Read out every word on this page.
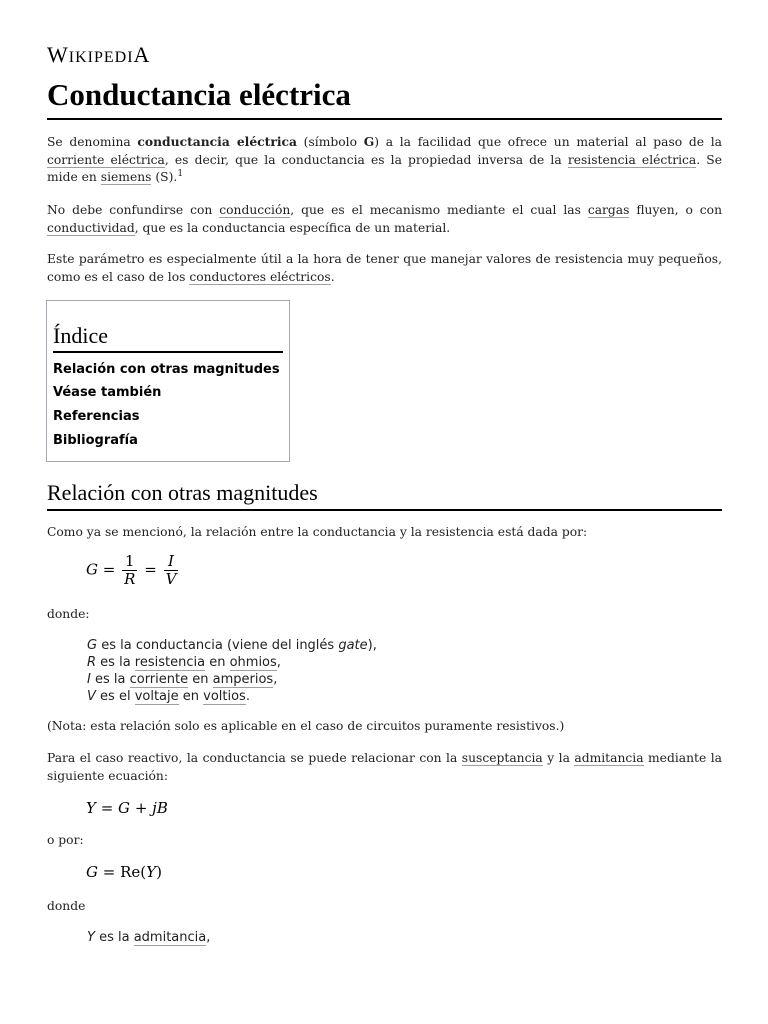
WIKIPEDIA
Conductancia eléctrica
Se denomina conductancia eléctrica (símbolo G) a la facilidad que ofrece un material al paso de la corriente eléctrica, es decir, que la conductancia es la propiedad inversa de la resistencia eléctrica. Se mide en siemens (S).$^1$
No debe confundirse con conducción, que es el mecanismo mediante el cual las cargas fluyen, o con conductividad, que es la conductancia específica de un material.
Este parámetro es especialmente útil a la hora de tener que manejar valores de resistencia muy pequeños, como es el caso de los conductores eléctricos.
Índice
Relación con otras magnitudes
Véase también
Referencias
Bibliografía
Relación con otras magnitudes
Como ya se mencionó, la relación entre la conductancia y la resistencia está dada por:
$G = \frac{1}{R} = \frac{I}{V}$
donde:
G es la conductancia (viene del inglés gate),
R es la resistencia en ohmios,
I es la corriente en amperios,
V es el voltaje en voltios.
(Nota: esta relación solo es aplicable en el caso de circuitos puramente resistivos.)
Para el caso reactivo, la conductancia se puede relacionar con la susceptancia y la admitancia mediante la siguiente ecuación:
Y = G + jB
o por:
G = Re(Y)
donde
Y es la admitancia,
